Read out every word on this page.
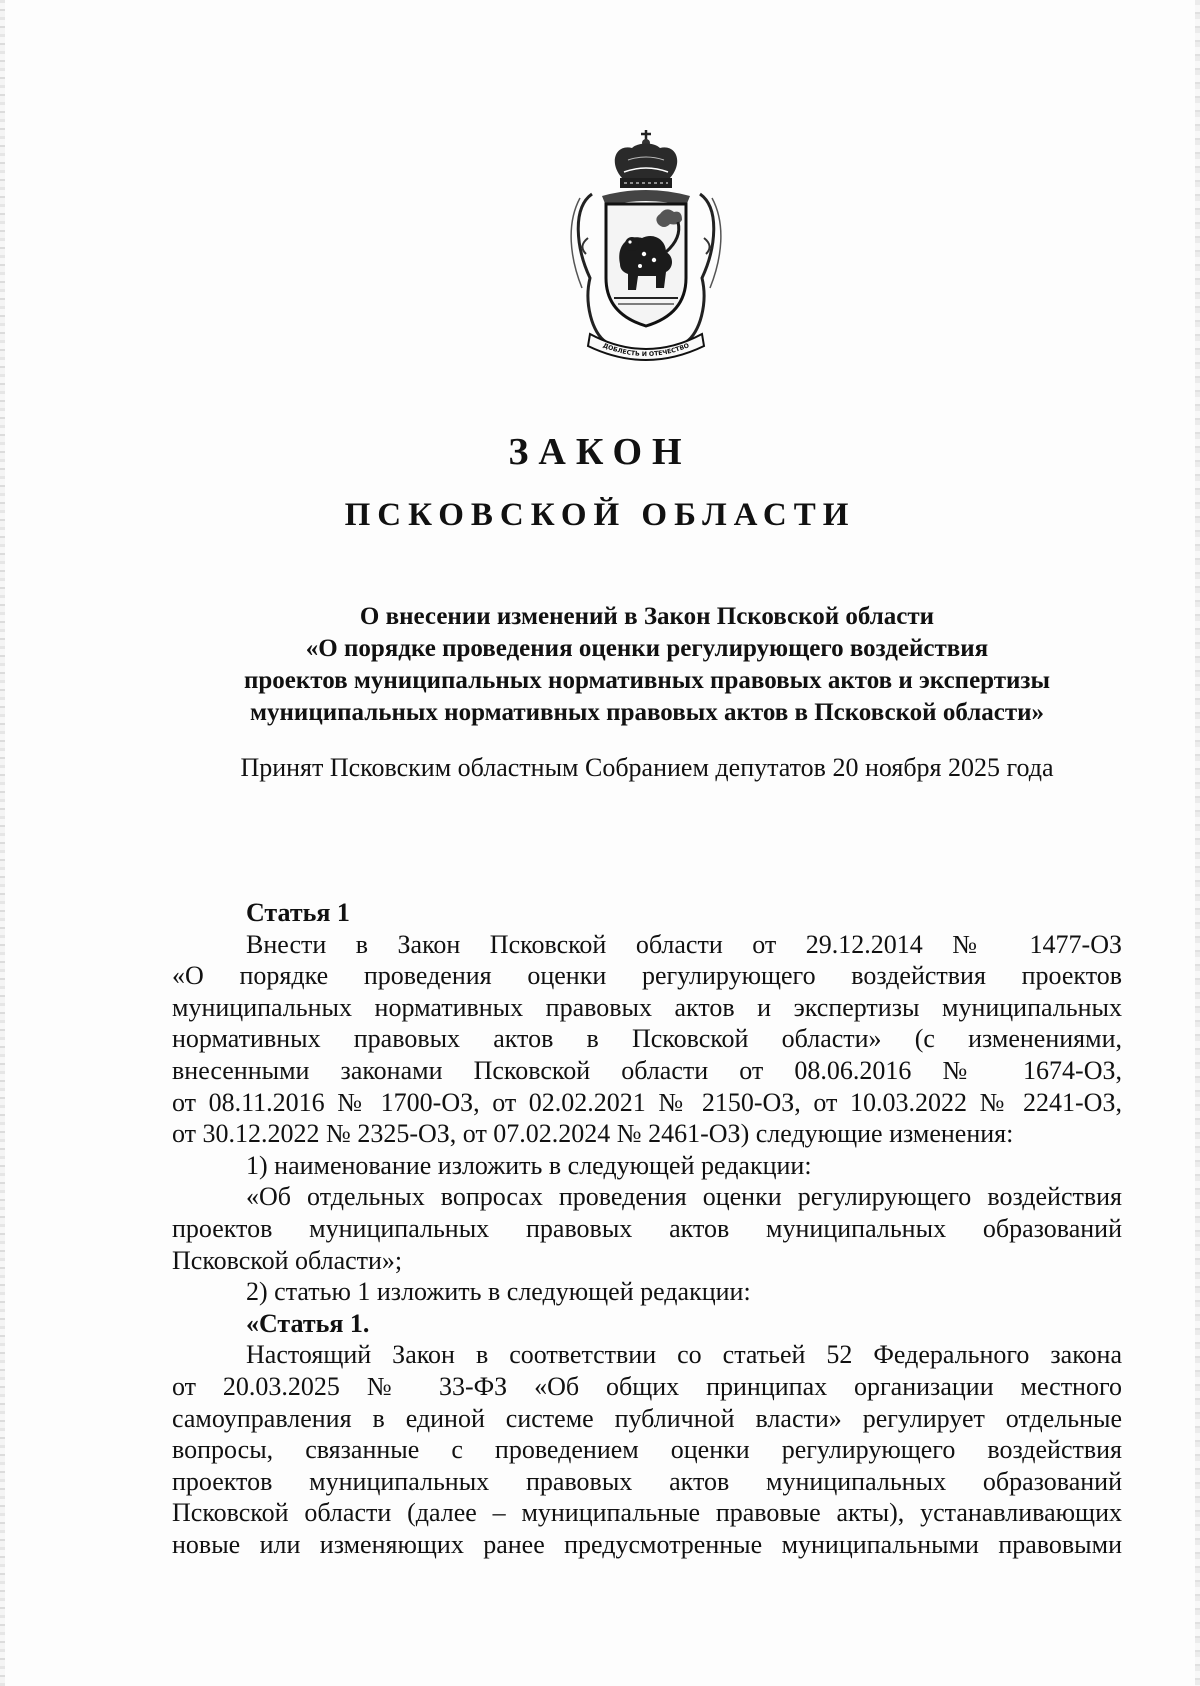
ДОБЛЕСТЬ И ОТЕЧЕСТВО
ЗАКОН
ПСКОВСКОЙ ОБЛАСТИ
О внесении изменений в Закон Псковской области
«О порядке проведения оценки регулирующего воздействия
проектов муниципальных нормативных правовых актов и экспертизы
муниципальных нормативных правовых актов в Псковской области»
Принят Псковским областным Собранием депутатов 20 ноября 2025 года
Статья 1
Внести в Закон Псковской области от 29.12.2014 № 1477-ОЗ
«О порядке проведения оценки регулирующего воздействия проектов
муниципальных нормативных правовых актов и экспертизы муниципальных
нормативных правовых актов в Псковской области» (с изменениями,
внесенными законами Псковской области от 08.06.2016 № 1674-ОЗ,
от 08.11.2016 № 1700-ОЗ, от 02.02.2021 № 2150-ОЗ, от 10.03.2022 № 2241-ОЗ,
от 30.12.2022 № 2325-ОЗ, от 07.02.2024 № 2461-ОЗ) следующие изменения:
1) наименование изложить в следующей редакции:
«Об отдельных вопросах проведения оценки регулирующего воздействия
проектов муниципальных правовых актов муниципальных образований
Псковской области»;
2) статью 1 изложить в следующей редакции:
«Статья 1.
Настоящий Закон в соответствии со статьей 52 Федерального закона
от 20.03.2025 № 33-ФЗ «Об общих принципах организации местного
самоуправления в единой системе публичной власти» регулирует отдельные
вопросы, связанные с проведением оценки регулирующего воздействия
проектов муниципальных правовых актов муниципальных образований
Псковской области (далее – муниципальные правовые акты), устанавливающих
новые или изменяющих ранее предусмотренные муниципальными правовыми
